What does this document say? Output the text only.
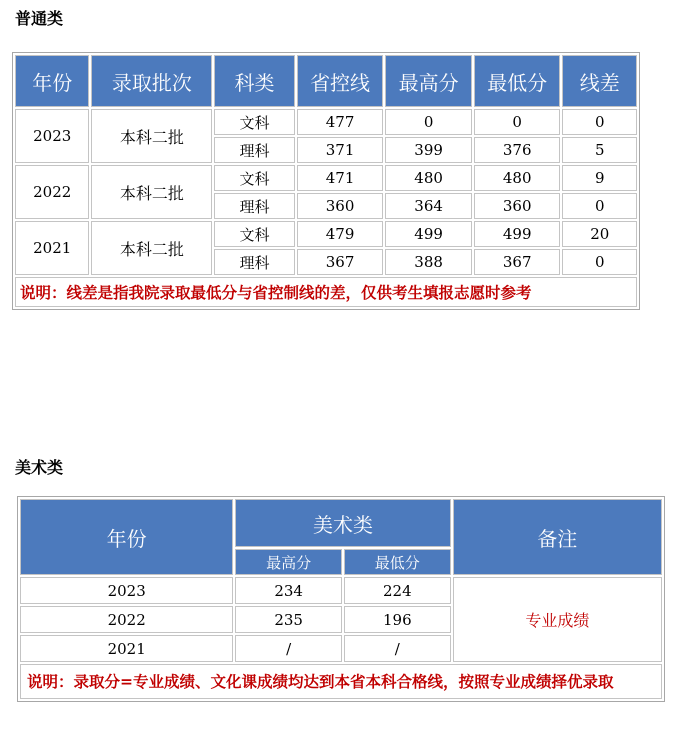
普通类
年份	录取批次	科类	省控线	最高分	最低分	线差
2023	本科二批	文科	477	0	0	0
		理科	371	399	376	5
2022	本科二批	文科	471	480	480	9
		理科	360	364	360	0
2021	本科二批	文科	479	499	499	20
		理科	367	388	367	0
说明：线差是指我院录取最低分与省控制线的差，仅供考生填报志愿时参考						
美术类
年份	美术类		备注
	最高分	最低分	
2023	234	224	专业成绩
2022	235	196	
2021	/	/	
说明：录取分=专业成绩、文化课成绩均达到本省本科合格线，按照专业成绩择优录取			
